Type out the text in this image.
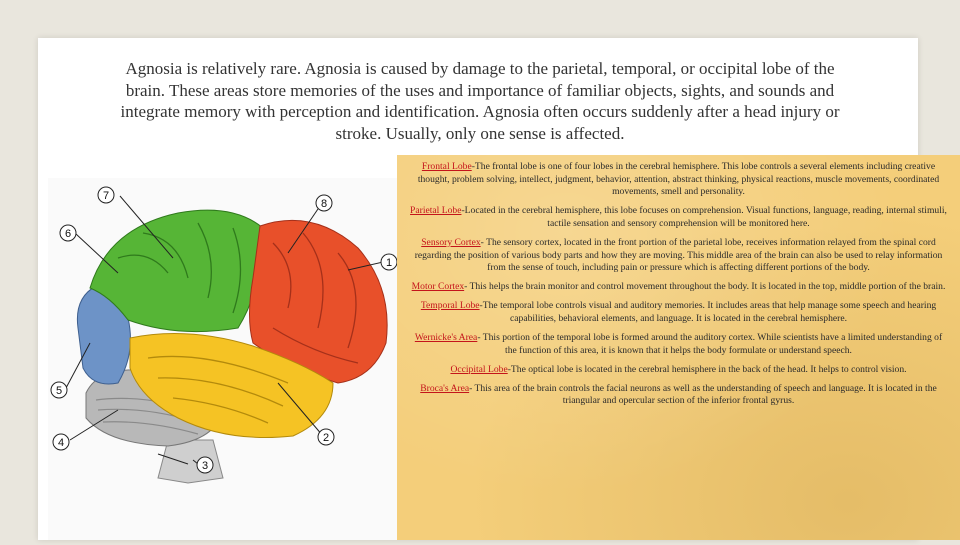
Agnosia is relatively rare. Agnosia is caused by damage to the parietal, temporal, or occipital lobe of the brain. These areas store memories of the uses and importance of familiar objects, sights, and sounds and integrate memory with perception and identification. Agnosia often occurs suddenly after a head injury or stroke. Usually, only one sense is affected.

7
8
6
1
5
4	2
3

Frontal Lobe-The frontal lobe is one of four lobes in the cerebral hemisphere. This lobe controls a several elements including creative thought, problem solving, intellect, judgment, behavior, attention, abstract thinking, physical reactions, muscle movements, coordinated movements, smell and personality.

Parietal Lobe-Located in the cerebral hemisphere, this lobe focuses on comprehension. Visual functions, language, reading, internal stimuli, tactile sensation and sensory comprehension will be monitored here.

Sensory Cortex- The sensory cortex, located in the front portion of the parietal lobe, receives information relayed from the spinal cord regarding the position of various body parts and how they are moving. This middle area of the brain can also be used to relay information from the sense of touch, including pain or pressure which is affecting different portions of the body.

Motor Cortex- This helps the brain monitor and control movement throughout the body. It is located in the top, middle portion of the brain.

Temporal Lobe-The temporal lobe controls visual and auditory memories. It includes areas that help manage some speech and hearing capabilities, behavioral elements, and language. It is located in the cerebral hemisphere.

Wernicke's Area- This portion of the temporal lobe is formed around the auditory cortex. While scientists have a limited understanding of the function of this area, it is known that it helps the body formulate or understand speech.

Occipital Lobe-The optical lobe is located in the cerebral hemisphere in the back of the head. It helps to control vision.

Broca's Area- This area of the brain controls the facial neurons as well as the understanding of speech and language. It is located in the triangular and opercular section of the inferior frontal gyrus.
